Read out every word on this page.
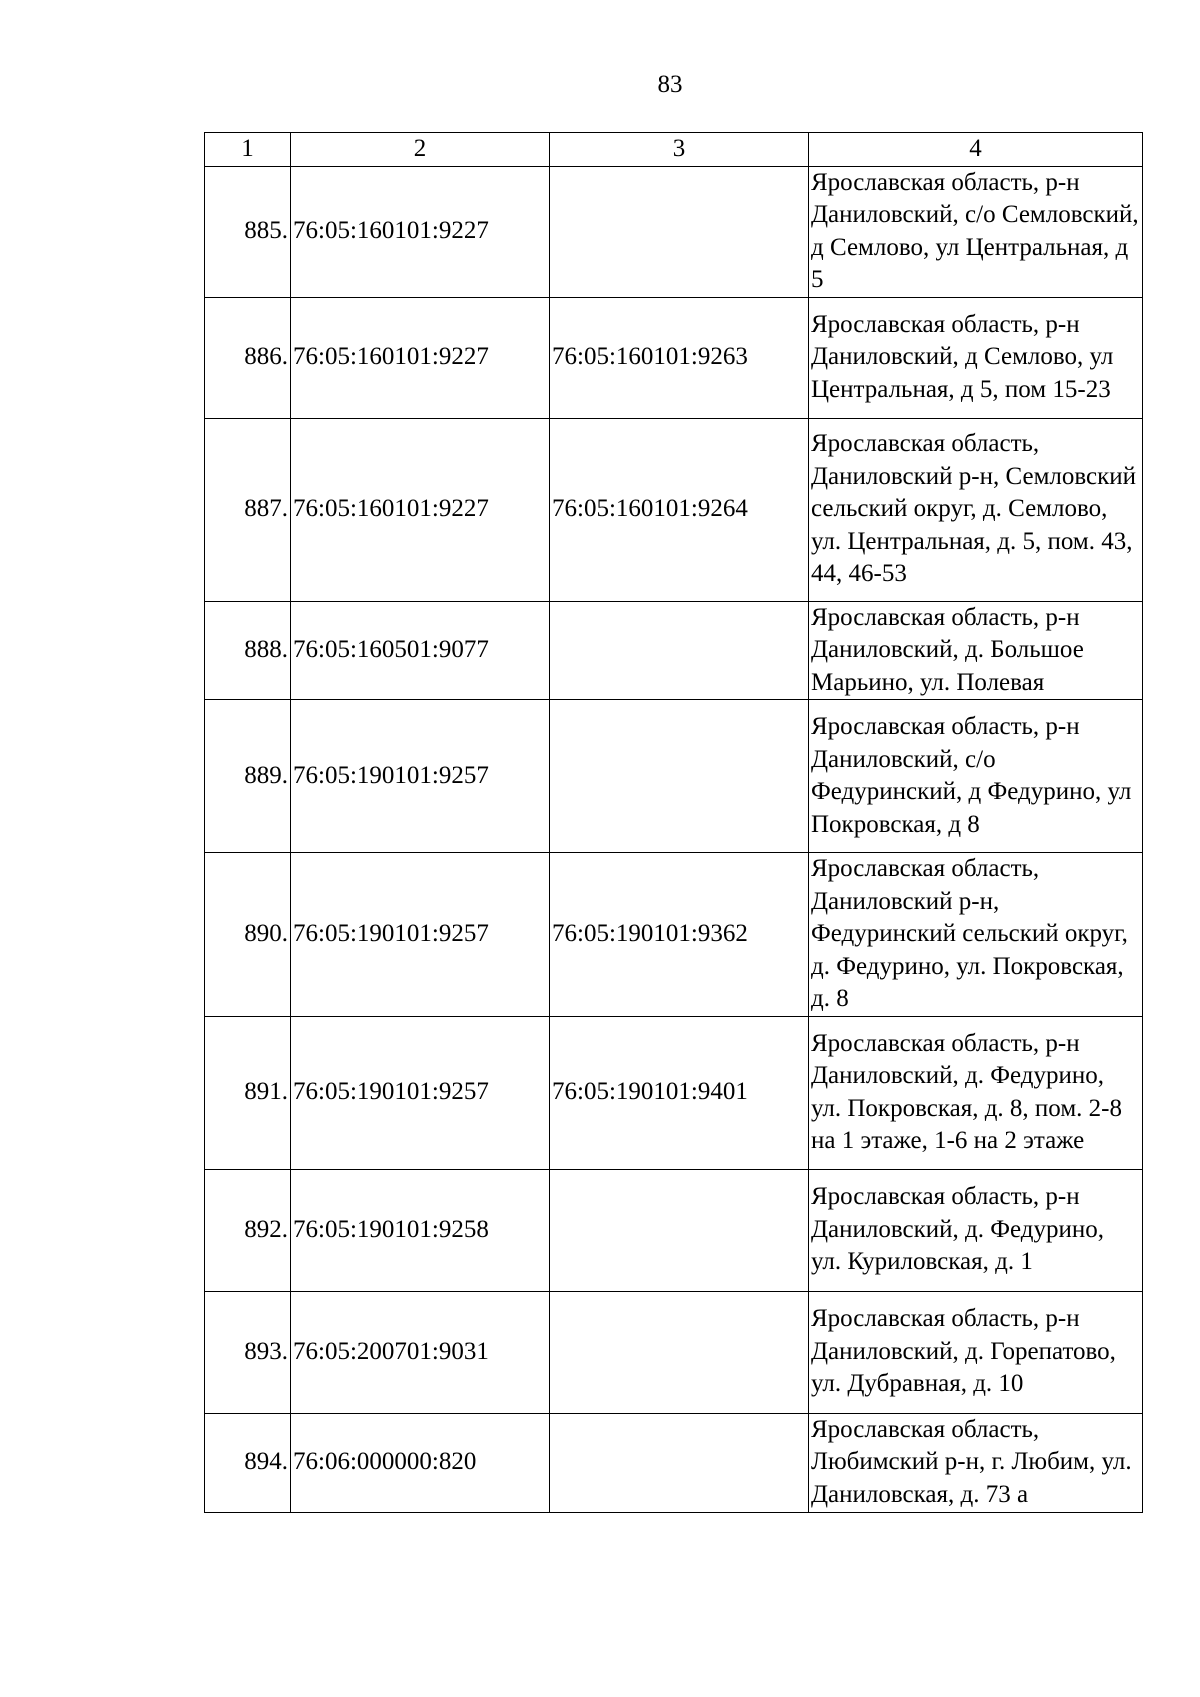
83
1	2	3	4
885.	76:05:160101:9227		Ярославская область, р-н Даниловский, с/о Семловский, д Семлово, ул Центральная, д 5
886.	76:05:160101:9227	76:05:160101:9263	Ярославская область, р-н Даниловский, д Семлово, ул Центральная, д 5, пом 15-23
887.	76:05:160101:9227	76:05:160101:9264	Ярославская область, Даниловский р-н, Семловский сельский округ, д. Семлово, ул. Центральная, д. 5, пом. 43, 44, 46-53
888.	76:05:160501:9077		Ярославская область, р-н Даниловский, д. Большое Марьино, ул. Полевая
889.	76:05:190101:9257		Ярославская область, р-н Даниловский, с/о Федуринский, д Федурино, ул Покровская, д 8
890.	76:05:190101:9257	76:05:190101:9362	Ярославская область, Даниловский р-н, Федуринский сельский округ, д. Федурино, ул. Покровская, д. 8
891.	76:05:190101:9257	76:05:190101:9401	Ярославская область, р-н Даниловский, д. Федурино, ул. Покровская, д. 8, пом. 2-8 на 1 этаже, 1-6 на 2 этаже
892.	76:05:190101:9258		Ярославская область, р-н Даниловский, д. Федурино, ул. Куриловская, д. 1
893.	76:05:200701:9031		Ярославская область, р-н Даниловский, д. Горепатово, ул. Дубравная, д. 10
894.	76:06:000000:820		Ярославская область, Любимский р-н, г. Любим, ул. Даниловская, д. 73 а
